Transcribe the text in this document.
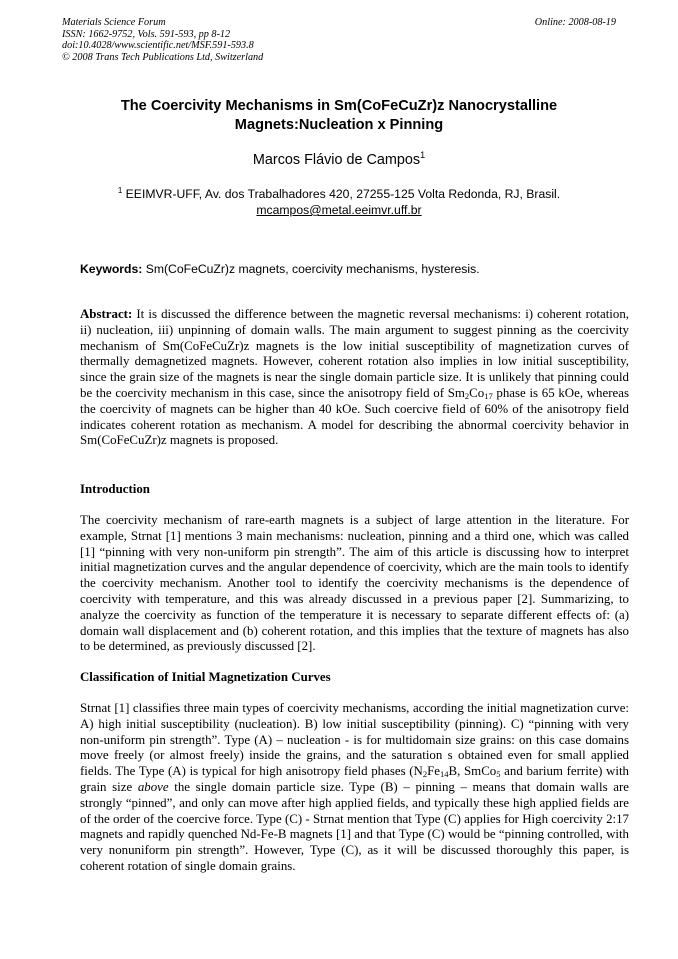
Materials Science Forum
ISSN: 1662-9752, Vols. 591-593, pp 8-12
doi:10.4028/www.scientific.net/MSF.591-593.8
© 2008 Trans Tech Publications Ltd, Switzerland
Online: 2008-08-19
The Coercivity Mechanisms in Sm(CoFeCuZr)z Nanocrystalline
Magnets:Nucleation x Pinning
Marcos Flávio de Campos$^1$
$^1$ EEIMVR-UFF, Av. dos Trabalhadores 420, 27255-125 Volta Redonda, RJ, Brasil.
mcampos@metal.eeimvr.uff.br
Keywords: Sm(CoFeCuZr)z magnets, coercivity mechanisms, hysteresis.
Abstract: It is discussed the difference between the magnetic reversal mechanisms: i) coherent rotation, ii) nucleation, iii) unpinning of domain walls. The main argument to suggest pinning as the coercivity mechanism of Sm(CoFeCuZr)z magnets is the low initial susceptibility of magnetization curves of thermally demagnetized magnets. However, coherent rotation also implies in low initial susceptibility, since the grain size of the magnets is near the single domain particle size. It is unlikely that pinning could be the coercivity mechanism in this case, since the anisotropy field of $Sm_2Co_{17}$ phase is 65 kOe, whereas the coercivity of magnets can be higher than 40 kOe. Such coercive field of 60% of the anisotropy field indicates coherent rotation as mechanism. A model for describing the abnormal coercivity behavior in Sm(CoFeCuZr)z magnets is proposed.
Introduction
The coercivity mechanism of rare-earth magnets is a subject of large attention in the literature. For example, Strnat [1] mentions 3 main mechanisms: nucleation, pinning and a third one, which was called [1] “pinning with very non-uniform pin strength”. The aim of this article is discussing how to interpret initial magnetization curves and the angular dependence of coercivity, which are the main tools to identify the coercivity mechanism. Another tool to identify the coercivity mechanisms is the dependence of coercivity with temperature, and this was already discussed in a previous paper [2]. Summarizing, to analyze the coercivity as function of the temperature it is necessary to separate different effects of: (a) domain wall displacement and (b) coherent rotation, and this implies that the texture of magnets has also to be determined, as previously discussed [2].
Classification of Initial Magnetization Curves
Strnat [1] classifies three main types of coercivity mechanisms, according the initial magnetization curve: A) high initial susceptibility (nucleation). B) low initial susceptibility (pinning). C) “pinning with very non-uniform pin strength”. Type (A) – nucleation - is for multidomain size grains: on this case domains move freely (or almost freely) inside the grains, and the saturation s obtained even for small applied fields. The Type (A) is typical for high anisotropy field phases ($N_2Fe_{14}B$, SmCo$_5$ and barium ferrite) with grain size above the single domain particle size. Type (B) – pinning – means that domain walls are strongly “pinned”, and only can move after high applied fields, and typically these high applied fields are of the order of the coercive force. Type (C) - Strnat mention that Type (C) applies for High coercivity 2:17 magnets and rapidly quenched Nd-Fe-B magnets [1] and that Type (C) would be “pinning controlled, with very nonuniform pin strength”. However, Type (C), as it will be discussed thoroughly this paper, is coherent rotation of single domain grains.
